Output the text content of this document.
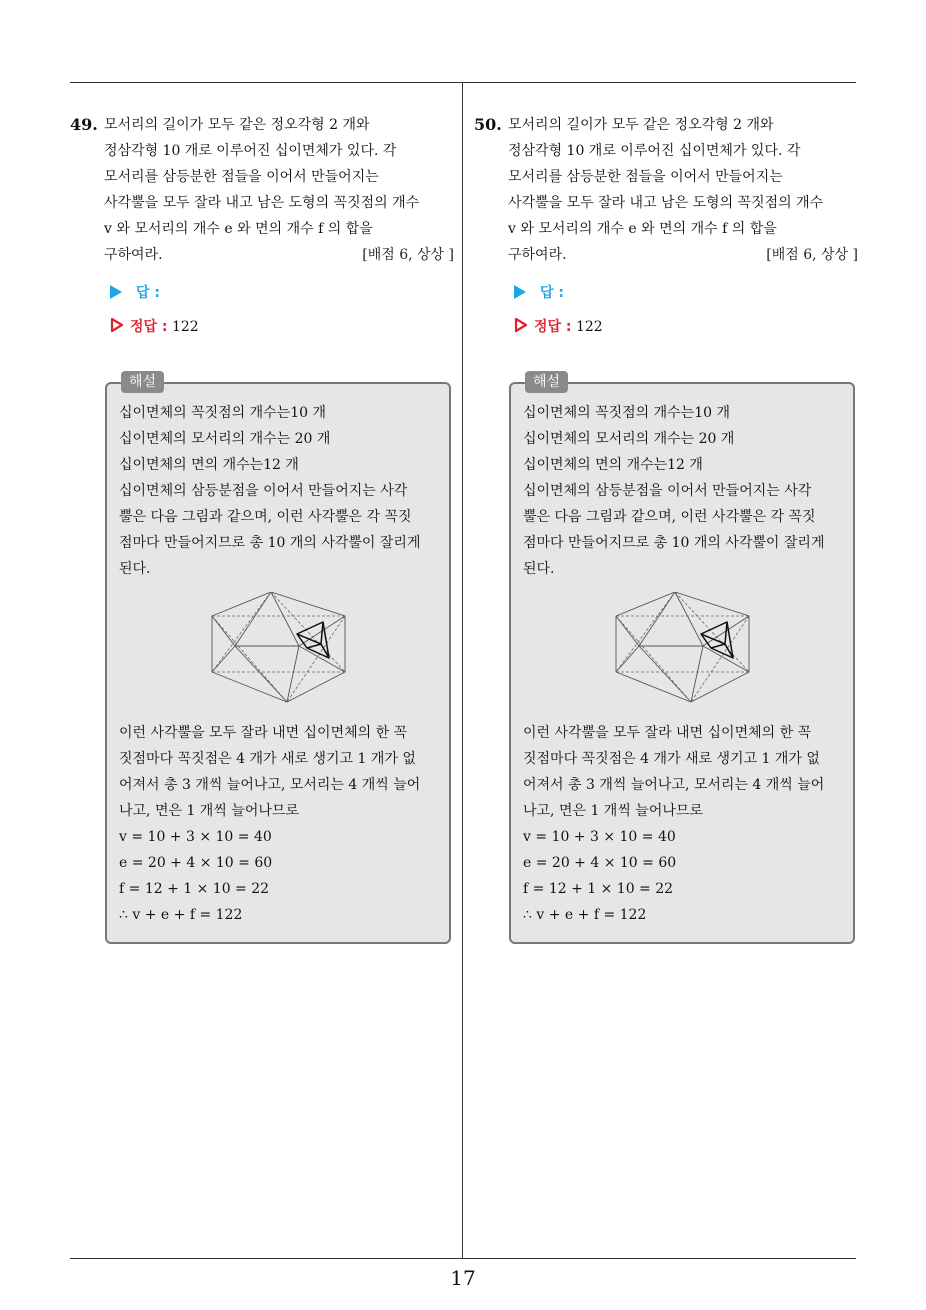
49. 모서리의 길이가 모두 같은 정오각형 2 개와
정삼각형 10 개로 이루어진 십이면체가 있다. 각
모서리를 삼등분한 점들을 이어서 만들어지는
사각뿔을 모두 잘라 내고 남은 도형의 꼭짓점의 개수
v 와 모서리의 개수 e 와 면의 개수 f 의 합을
구하여라.	[배점 6, 상상 ]
답 :
정답 : 122
해설
십이면체의 꼭짓점의 개수는10 개
십이면체의 모서리의 개수는 20 개
십이면체의 면의 개수는12 개
십이면체의 삼등분점을 이어서 만들어지는 사각
뿔은 다음 그림과 같으며, 이런 사각뿔은 각 꼭짓
점마다 만들어지므로 총 10 개의 사각뿔이 잘리게
된다.
이런 사각뿔을 모두 잘라 내면 십이면체의 한 꼭
짓점마다 꼭짓점은 4 개가 새로 생기고 1 개가 없
어져서 총 3 개씩 늘어나고, 모서리는 4 개씩 늘어
나고, 면은 1 개씩 늘어나므로
v = 10 + 3 × 10 = 40
e = 20 + 4 × 10 = 60
f = 12 + 1 × 10 = 22
∴ v + e + f = 122
50. 모서리의 길이가 모두 같은 정오각형 2 개와
정삼각형 10 개로 이루어진 십이면체가 있다. 각
모서리를 삼등분한 점들을 이어서 만들어지는
사각뿔을 모두 잘라 내고 남은 도형의 꼭짓점의 개수
v 와 모서리의 개수 e 와 면의 개수 f 의 합을
구하여라.	[배점 6, 상상 ]
답 :
정답 : 122
해설
십이면체의 꼭짓점의 개수는10 개
십이면체의 모서리의 개수는 20 개
십이면체의 면의 개수는12 개
십이면체의 삼등분점을 이어서 만들어지는 사각
뿔은 다음 그림과 같으며, 이런 사각뿔은 각 꼭짓
점마다 만들어지므로 총 10 개의 사각뿔이 잘리게
된다.
이런 사각뿔을 모두 잘라 내면 십이면체의 한 꼭
짓점마다 꼭짓점은 4 개가 새로 생기고 1 개가 없
어져서 총 3 개씩 늘어나고, 모서리는 4 개씩 늘어
나고, 면은 1 개씩 늘어나므로
v = 10 + 3 × 10 = 40
e = 20 + 4 × 10 = 60
f = 12 + 1 × 10 = 22
∴ v + e + f = 122
17
